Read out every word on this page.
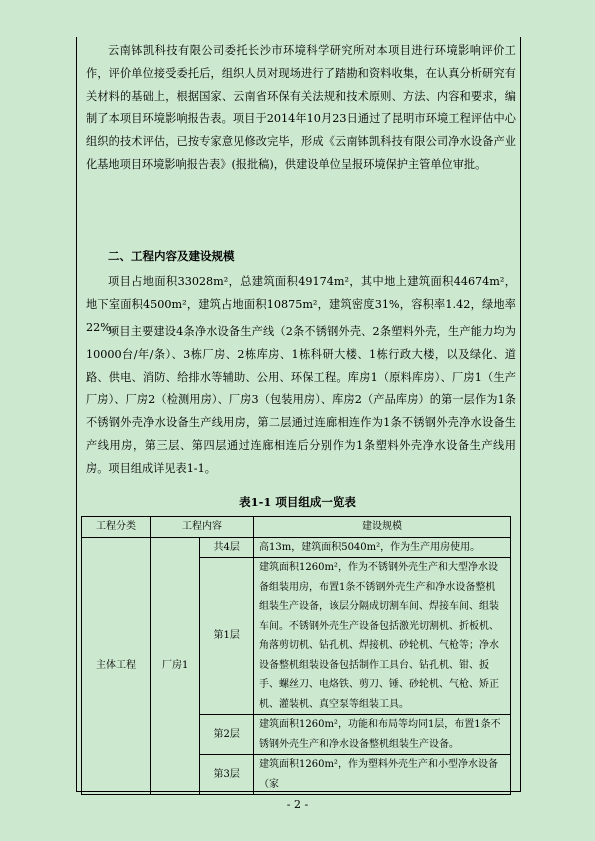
云南钵凯科技有限公司委托长沙市环境科学研究所对本项目进行环境影响评价工作，评价单位接受委托后，组织人员对现场进行了踏勘和资料收集，在认真分析研究有关材料的基础上，根据国家、云南省环保有关法规和技术原则、方法、内容和要求，编制了本项目环境影响报告表。项目于2014年10月23日通过了昆明市环境工程评估中心组织的技术评估，已按专家意见修改完毕，形成《云南钵凯科技有限公司净水设备产业化基地项目环境影响报告表》(报批稿)，供建设单位呈报环境保护主管单位审批。

二、工程内容及建设规模

项目占地面积33028m²，总建筑面积49174m²，其中地上建筑面积44674m²，地下室面积4500m²，建筑占地面积10875m²，建筑密度31%，容积率1.42，绿地率22%。

项目主要建设4条净水设备生产线（2条不锈钢外壳、2条塑料外壳，生产能力均为10000台/年/条）、3栋厂房、2栋库房、1栋科研大楼、1栋行政大楼，以及绿化、道路、供电、消防、给排水等辅助、公用、环保工程。库房1（原料库房）、厂房1（生产厂房）、厂房2（检测用房）、厂房3（包装用房）、库房2（产品库房）的第一层作为1条不锈钢外壳净水设备生产线用房，第二层通过连廊相连作为1条不锈钢外壳净水设备生产线用房，第三层、第四层通过连廊相连后分别作为1条塑料外壳净水设备生产线用房。项目组成详见表1-1。

表1-1 项目组成一览表
工程分类	工程内容		建设规模
主体工程	厂房1	共4层	高13m，建筑面积5040m²，作为生产用房使用。
		第1层	建筑面积1260m²，作为不锈钢外壳生产和大型净水设备组装用房，布置1条不锈钢外壳生产和净水设备整机组装生产设备，该层分隔成切割车间、焊接车间、组装车间。不锈钢外壳生产设备包括激光切割机、折板机、角落剪切机、钻孔机、焊接机、砂轮机、气枪等；净水设备整机组装设备包括制作工具台、钻孔机、钳、扳手、螺丝刀、电烙铁、剪刀、锤、砂轮机、气枪、矫正机、灌装机、真空泵等组装工具。
		第2层	建筑面积1260m²，功能和布局等均同1层，布置1条不锈钢外壳生产和净水设备整机组装生产设备。
		第3层	建筑面积1260m²，作为塑料外壳生产和小型净水设备（家
- 2 -
